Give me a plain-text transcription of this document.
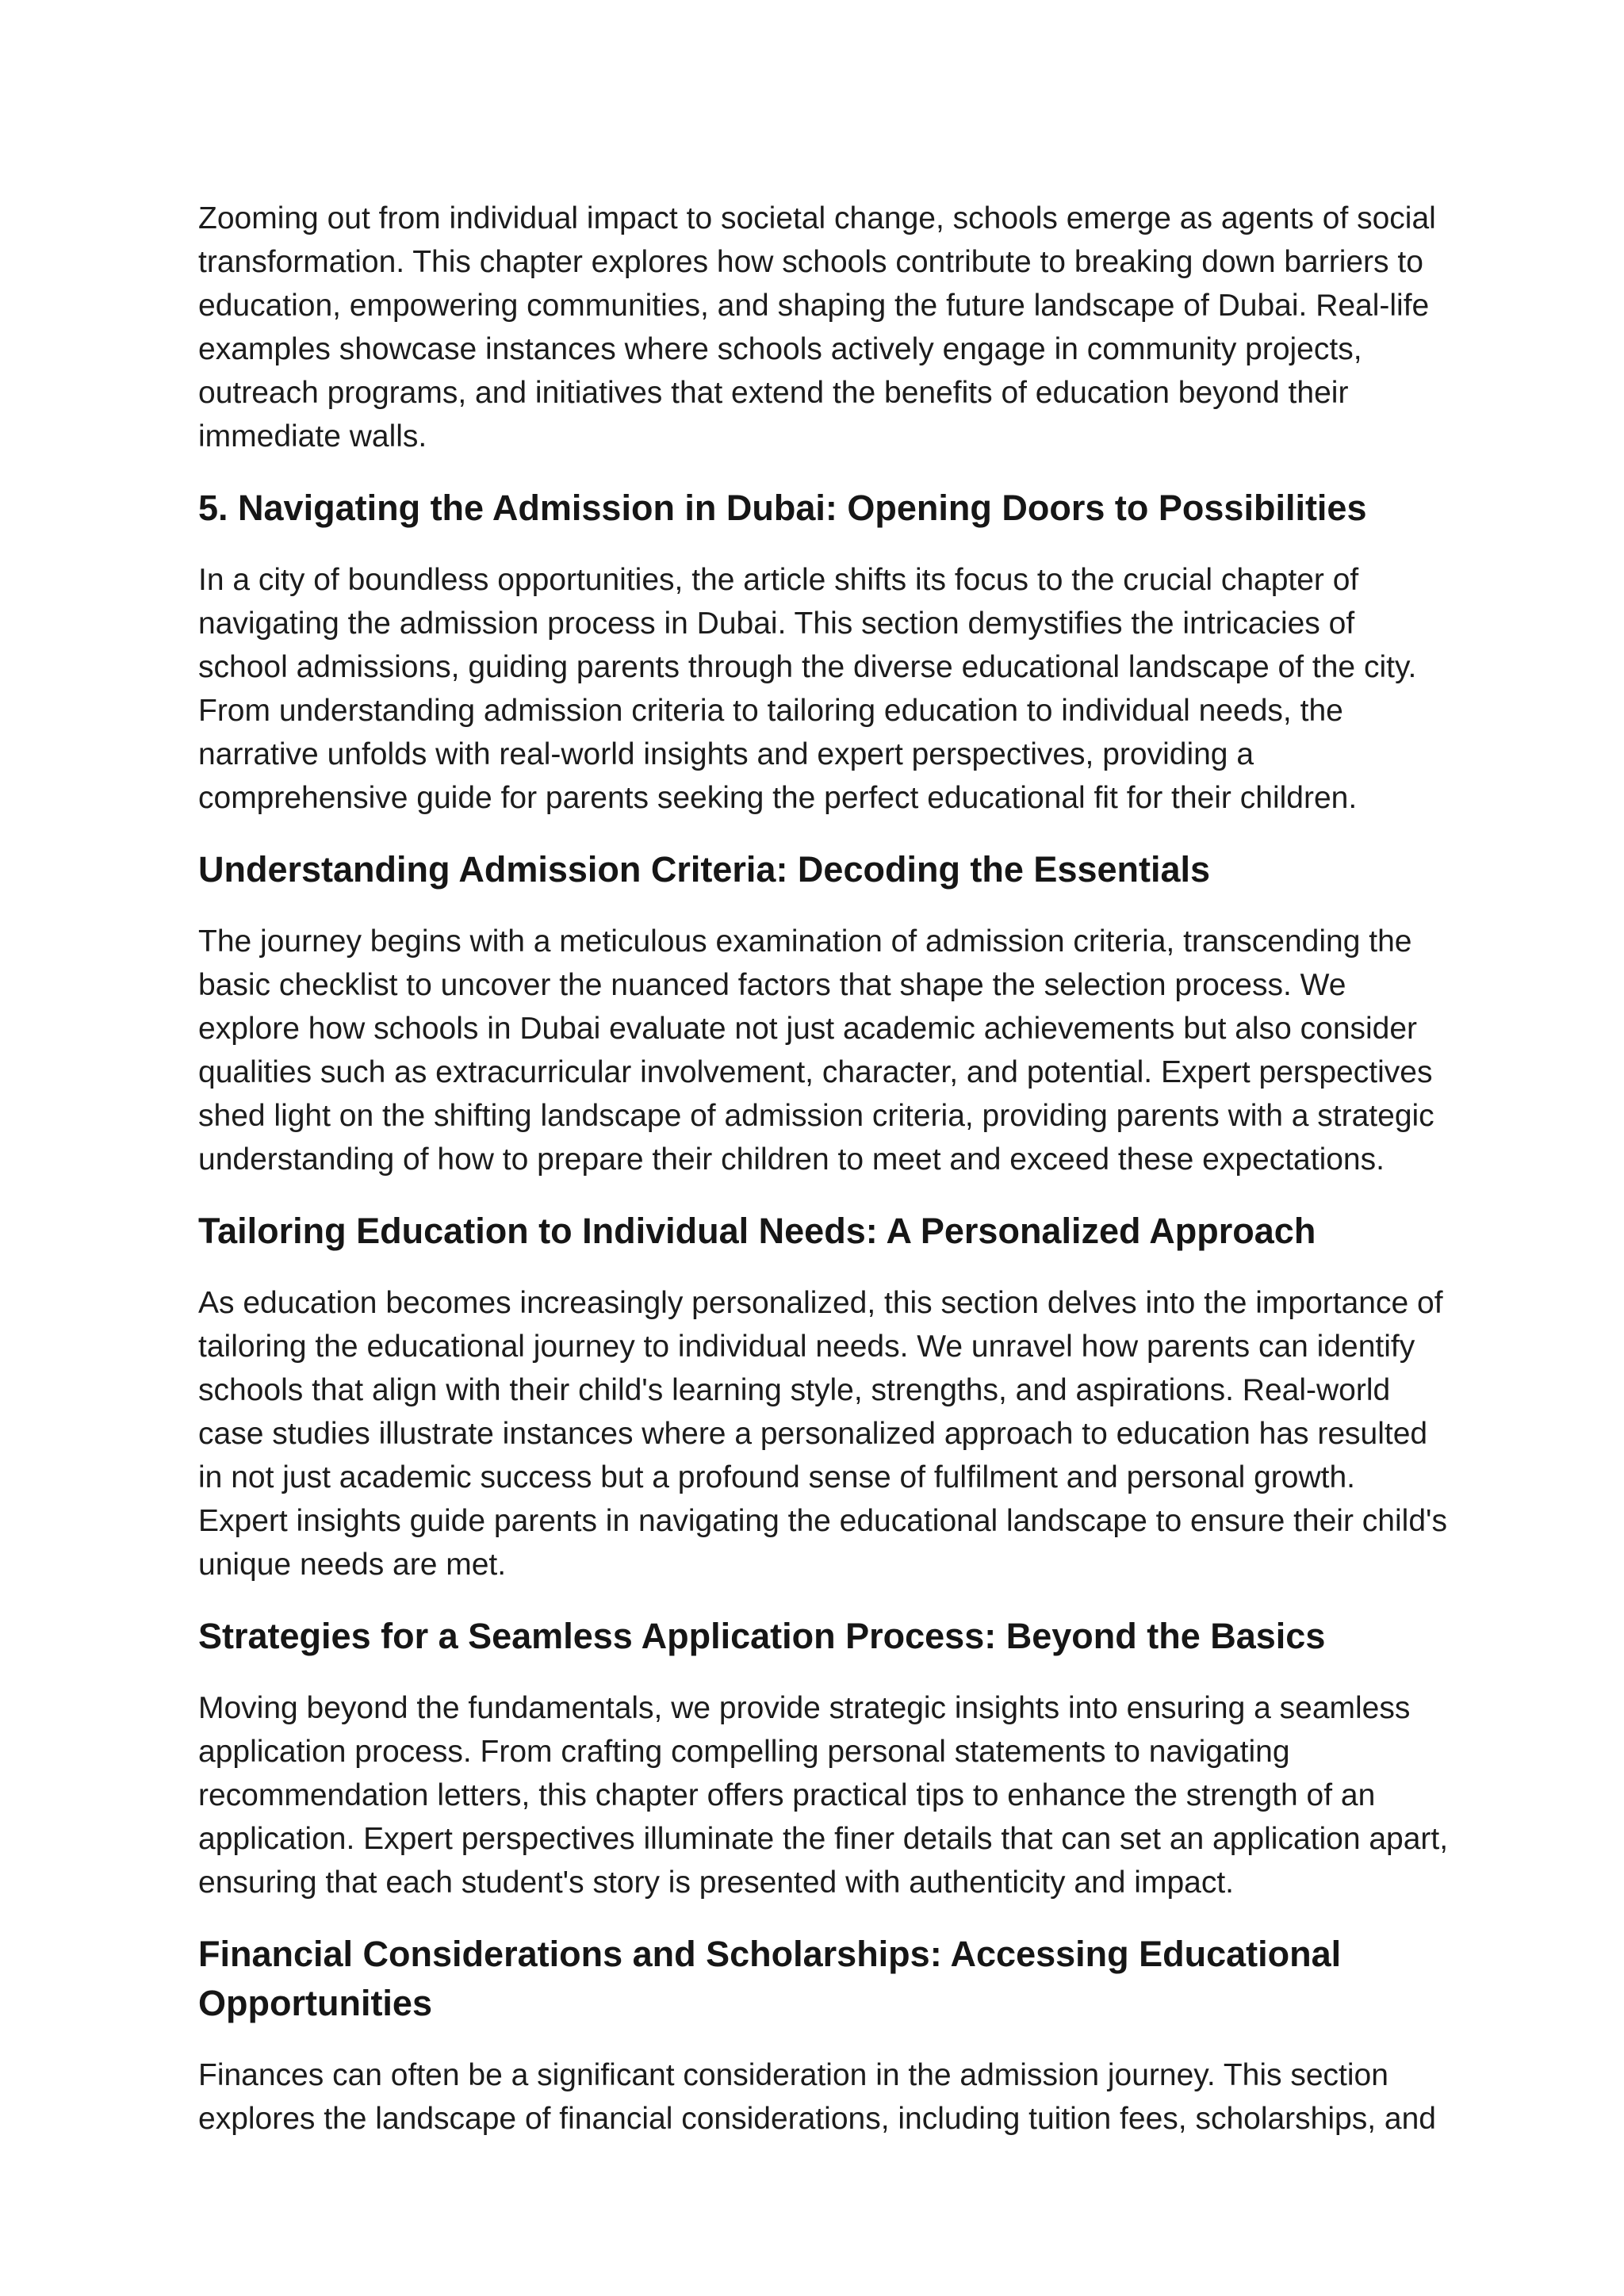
Zooming out from individual impact to societal change, schools emerge as agents of social transformation. This chapter explores how schools contribute to breaking down barriers to education, empowering communities, and shaping the future landscape of Dubai. Real-life examples showcase instances where schools actively engage in community projects, outreach programs, and initiatives that extend the benefits of education beyond their immediate walls.

5. Navigating the Admission in Dubai: Opening Doors to Possibilities

In a city of boundless opportunities, the article shifts its focus to the crucial chapter of navigating the admission process in Dubai. This section demystifies the intricacies of school admissions, guiding parents through the diverse educational landscape of the city. From understanding admission criteria to tailoring education to individual needs, the narrative unfolds with real-world insights and expert perspectives, providing a comprehensive guide for parents seeking the perfect educational fit for their children.

Understanding Admission Criteria: Decoding the Essentials

The journey begins with a meticulous examination of admission criteria, transcending the basic checklist to uncover the nuanced factors that shape the selection process. We explore how schools in Dubai evaluate not just academic achievements but also consider qualities such as extracurricular involvement, character, and potential. Expert perspectives shed light on the shifting landscape of admission criteria, providing parents with a strategic understanding of how to prepare their children to meet and exceed these expectations.

Tailoring Education to Individual Needs: A Personalized Approach

As education becomes increasingly personalized, this section delves into the importance of tailoring the educational journey to individual needs. We unravel how parents can identify schools that align with their child's learning style, strengths, and aspirations. Real-world case studies illustrate instances where a personalized approach to education has resulted in not just academic success but a profound sense of fulfilment and personal growth. Expert insights guide parents in navigating the educational landscape to ensure their child's unique needs are met.

Strategies for a Seamless Application Process: Beyond the Basics

Moving beyond the fundamentals, we provide strategic insights into ensuring a seamless application process. From crafting compelling personal statements to navigating recommendation letters, this chapter offers practical tips to enhance the strength of an application. Expert perspectives illuminate the finer details that can set an application apart, ensuring that each student's story is presented with authenticity and impact.

Financial Considerations and Scholarships: Accessing Educational Opportunities

Finances can often be a significant consideration in the admission journey. This section explores the landscape of financial considerations, including tuition fees, scholarships, and
